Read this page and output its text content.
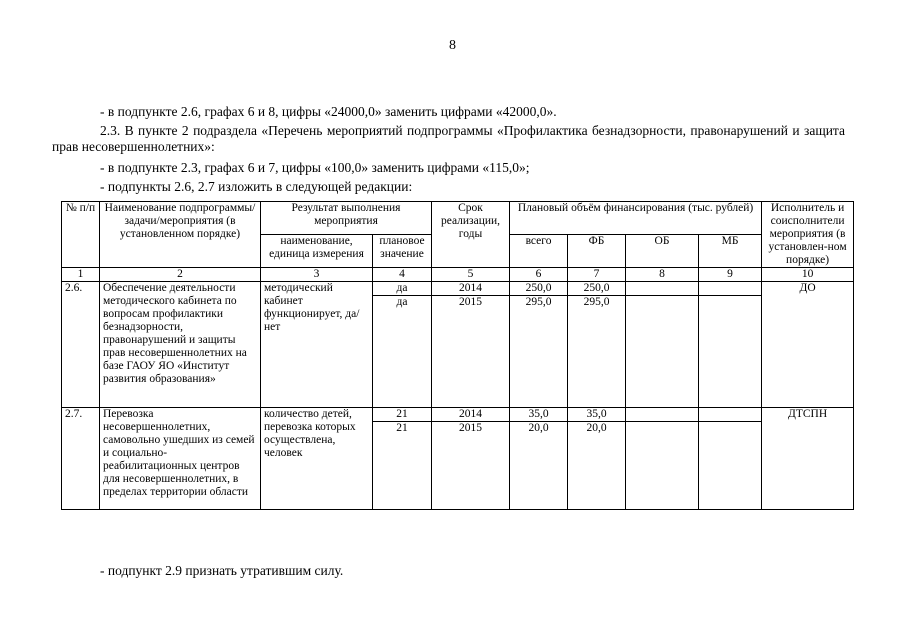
8
- в подпункте 2.6, графах 6 и 8, цифры «24000,0» заменить цифрами «42000,0».
2.3. В пункте 2 подраздела «Перечень мероприятий подпрограммы «Профилактика безнадзорности, правонарушений и защита прав несовершеннолетних»:
- в подпункте 2.3, графах 6 и 7, цифры «100,0» заменить цифрами «115,0»;
- подпункты 2.6, 2.7 изложить в следующей редакции:
№ п/п	Наименование подпрограммы/ задачи/мероприятия (в установленном порядке)	Результат выполнения мероприятия		Срок реализации, годы	Плановый объём финансирования (тыс. рублей)				Исполнитель и соисполнители мероприятия (в установлен-ном порядке)
		наименование, единица измерения	плановое значение		всего	ФБ	ОБ	МБ	
1	2	3	4	5	6	7	8	9	10
2.6.	Обеспечение деятельности методического кабинета по вопросам профилактики безнадзорности, правонарушений и защиты прав несовершеннолетних на базе ГАОУ ЯО «Институт развития образования»	методический кабинет функционирует, да/нет	да	2014	250,0	250,0			ДО
			да	2015	295,0	295,0			
2.7.	Перевозка несовершеннолетних, самовольно ушедших из семей и социально-реабилитационных центров для несовершеннолетних, в пределах территории области	количество детей, перевозка которых осуществлена, человек	21	2014	35,0	35,0			ДТСПН
			21	2015	20,0	20,0			
- подпункт 2.9 признать утратившим силу.
